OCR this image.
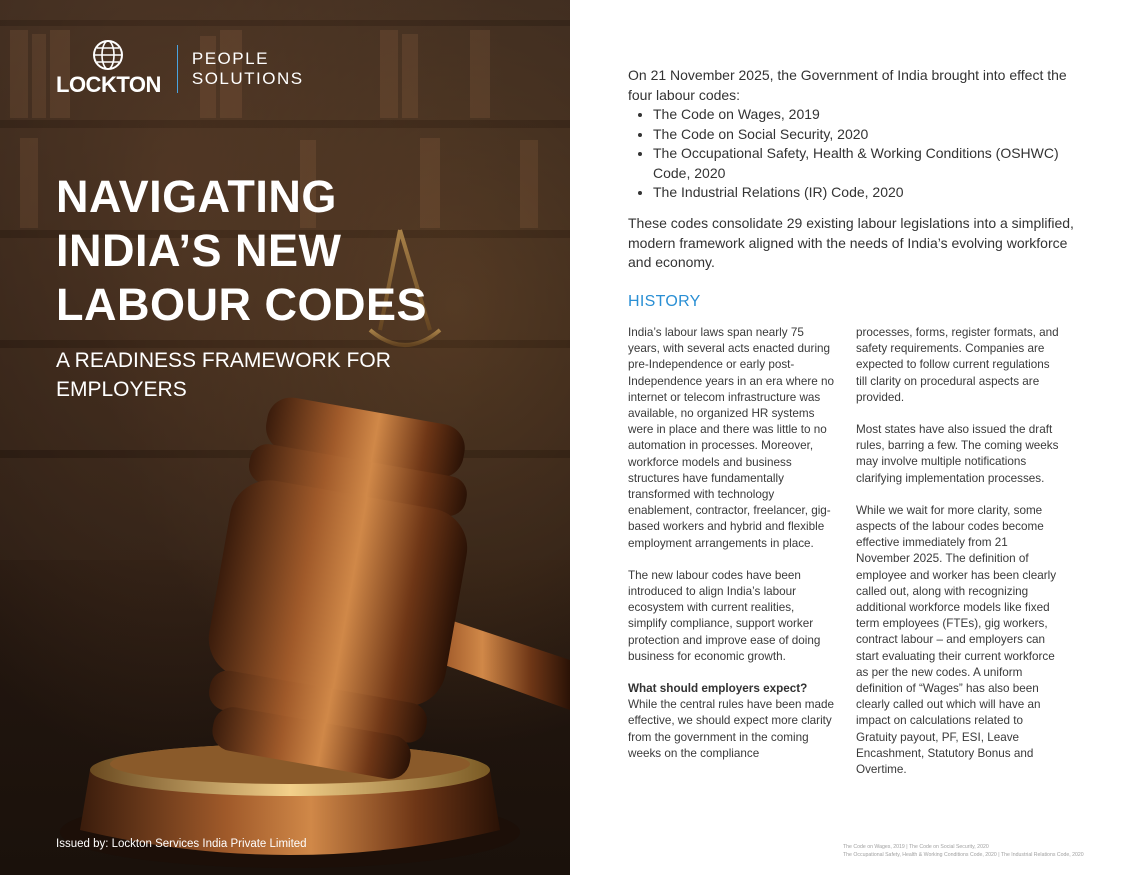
LOCKTON
PEOPLE
SOLUTIONS
NAVIGATING
INDIA’S NEW
LABOUR CODES
A READINESS FRAMEWORK FOR EMPLOYERS
Issued by: Lockton Services India Private Limited

On 21 November 2025, the Government of India brought into effect the four labour codes:

• The Code on Wages, 2019
• The Code on Social Security, 2020
• The Occupational Safety, Health & Working Conditions (OSHWC) Code, 2020
• The Industrial Relations (IR) Code, 2020

These codes consolidate 29 existing labour legislations into a simplified, modern framework aligned with the needs of India’s evolving workforce and economy.

HISTORY

India’s labour laws span nearly 75 years, with several acts enacted during pre-Independence or early post-Independence years in an era where no internet or telecom infrastructure was available, no organized HR systems were in place and there was little to no automation in processes. Moreover, workforce models and business structures have fundamentally transformed with technology enablement, contractor, freelancer, gig-based workers and hybrid and flexible employment arrangements in place.

The new labour codes have been introduced to align India’s labour ecosystem with current realities, simplify compliance, support worker protection and improve ease of doing business for economic growth.

What should employers expect?
While the central rules have been made effective, we should expect more clarity from the government in the coming weeks on the compliance

processes, forms, register formats, and safety requirements. Companies are expected to follow current regulations till clarity on procedural aspects are provided.

Most states have also issued the draft rules, barring a few. The coming weeks may involve multiple notifications clarifying implementation processes.

While we wait for more clarity, some aspects of the labour codes become effective immediately from 21 November 2025. The definition of employee and worker has been clearly called out, along with recognizing additional workforce models like fixed term employees (FTEs), gig workers, contract labour – and employers can start evaluating their current workforce as per the new codes. A uniform definition of “Wages” has also been clearly called out which will have an impact on calculations related to Gratuity payout, PF, ESI, Leave Encashment, Statutory Bonus and Overtime.

The Code on Wages, 2019 | The Code on Social Security, 2020
The Occupational Safety, Health & Working Conditions Code, 2020 | The Industrial Relations Code, 2020
